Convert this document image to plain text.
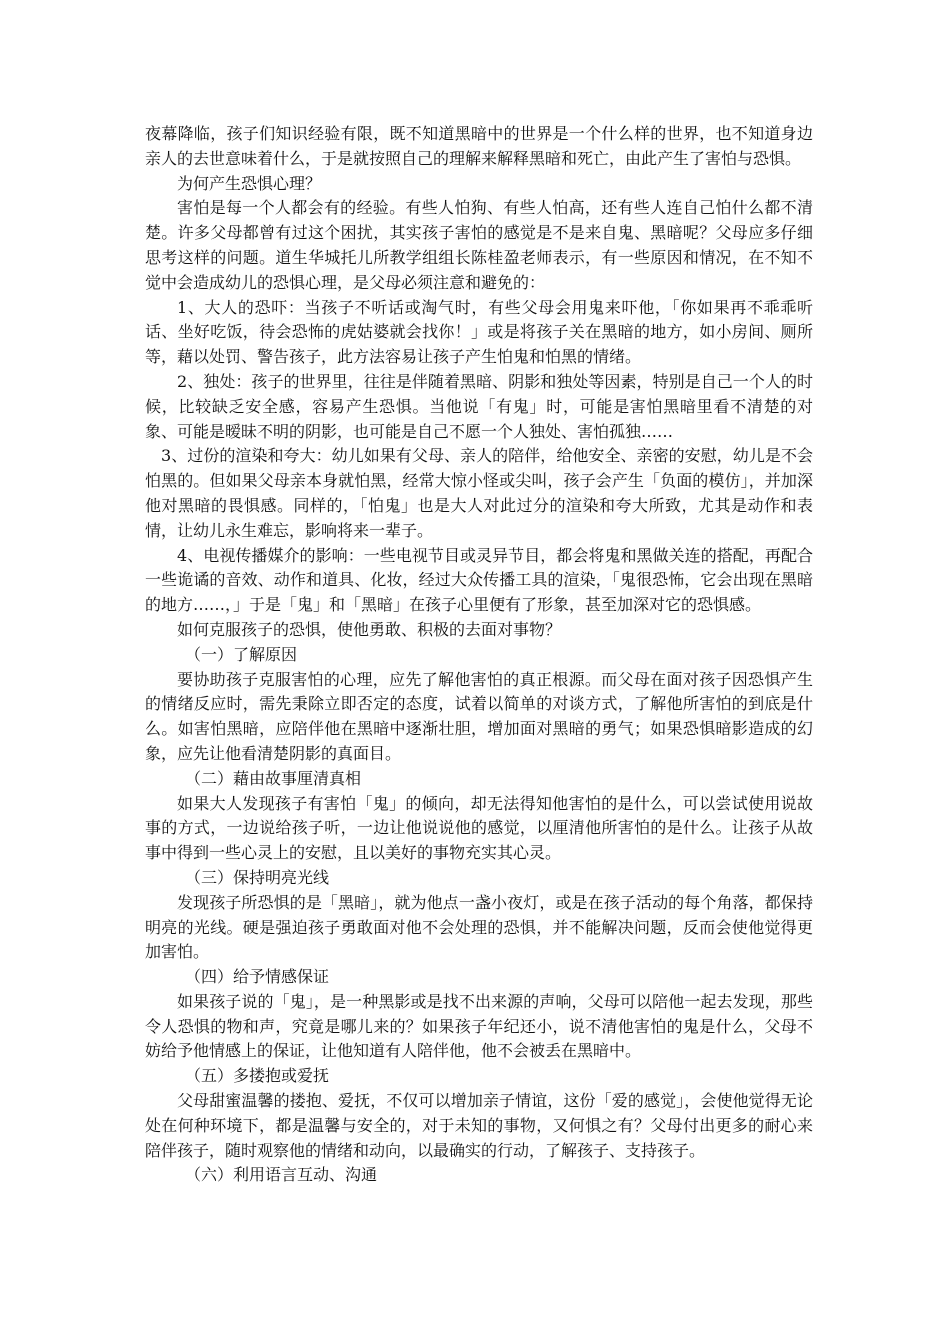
夜幕降临，孩子们知识经验有限，既不知道黑暗中的世界是一个什么样的世界，也不知道身边亲人的去世意味着什么，于是就按照自己的理解来解释黑暗和死亡，由此产生了害怕与恐惧。

为何产生恐惧心理？

害怕是每一个人都会有的经验。有些人怕狗、有些人怕高，还有些人连自己怕什么都不清楚。许多父母都曾有过这个困扰，其实孩子害怕的感觉是不是来自鬼、黑暗呢？父母应多仔细思考这样的问题。道生华城托儿所教学组组长陈桂盈老师表示，有一些原因和情况，在不知不觉中会造成幼儿的恐惧心理，是父母必须注意和避免的：

1、大人的恐吓：当孩子不听话或淘气时，有些父母会用鬼来吓他，「你如果再不乖乖听话、坐好吃饭，待会恐怖的虎姑婆就会找你！」或是将孩子关在黑暗的地方，如小房间、厕所等，藉以处罚、警告孩子，此方法容易让孩子产生怕鬼和怕黑的情绪。

2、独处：孩子的世界里，往往是伴随着黑暗、阴影和独处等因素，特别是自己一个人的时候，比较缺乏安全感，容易产生恐惧。当他说「有鬼」时，可能是害怕黑暗里看不清楚的对象、可能是暧昧不明的阴影，也可能是自己不愿一个人独处、害怕孤独……

3、过份的渲染和夸大：幼儿如果有父母、亲人的陪伴，给他安全、亲密的安慰，幼儿是不会怕黑的。但如果父母亲本身就怕黑，经常大惊小怪或尖叫，孩子会产生「负面的模仿」，并加深他对黑暗的畏惧感。同样的，「怕鬼」也是大人对此过分的渲染和夸大所致，尤其是动作和表情，让幼儿永生难忘，影响将来一辈子。

4、电视传播媒介的影响：一些电视节目或灵异节目，都会将鬼和黑做关连的搭配，再配合一些诡谲的音效、动作和道具、化妆，经过大众传播工具的渲染，「鬼很恐怖，它会出现在黑暗的地方……，」于是「鬼」和「黑暗」在孩子心里便有了形象，甚至加深对它的恐惧感。

如何克服孩子的恐惧，使他勇敢、积极的去面对事物？

（一）了解原因

要协助孩子克服害怕的心理，应先了解他害怕的真正根源。而父母在面对孩子因恐惧产生的情绪反应时，需先秉除立即否定的态度，试着以简单的对谈方式，了解他所害怕的到底是什么。如害怕黑暗，应陪伴他在黑暗中逐渐壮胆，增加面对黑暗的勇气；如果恐惧暗影造成的幻象，应先让他看清楚阴影的真面目。

（二）藉由故事厘清真相

如果大人发现孩子有害怕「鬼」的倾向，却无法得知他害怕的是什么，可以尝试使用说故事的方式，一边说给孩子听，一边让他说说他的感觉，以厘清他所害怕的是什么。让孩子从故事中得到一些心灵上的安慰，且以美好的事物充实其心灵。

（三）保持明亮光线

发现孩子所恐惧的是「黑暗」，就为他点一盏小夜灯，或是在孩子活动的每个角落，都保持明亮的光线。硬是强迫孩子勇敢面对他不会处理的恐惧，并不能解决问题，反而会使他觉得更加害怕。

（四）给予情感保证

如果孩子说的「鬼」，是一种黑影或是找不出来源的声响，父母可以陪他一起去发现，那些令人恐惧的物和声，究竟是哪儿来的？如果孩子年纪还小，说不清他害怕的鬼是什么，父母不妨给予他情感上的保证，让他知道有人陪伴他，他不会被丢在黑暗中。

（五）多搂抱或爱抚

父母甜蜜温馨的搂抱、爱抚，不仅可以增加亲子情谊，这份「爱的感觉」，会使他觉得无论处在何种环境下，都是温馨与安全的，对于未知的事物，又何惧之有？父母付出更多的耐心来陪伴孩子，随时观察他的情绪和动向，以最确实的行动，了解孩子、支持孩子。

（六）利用语言互动、沟通
